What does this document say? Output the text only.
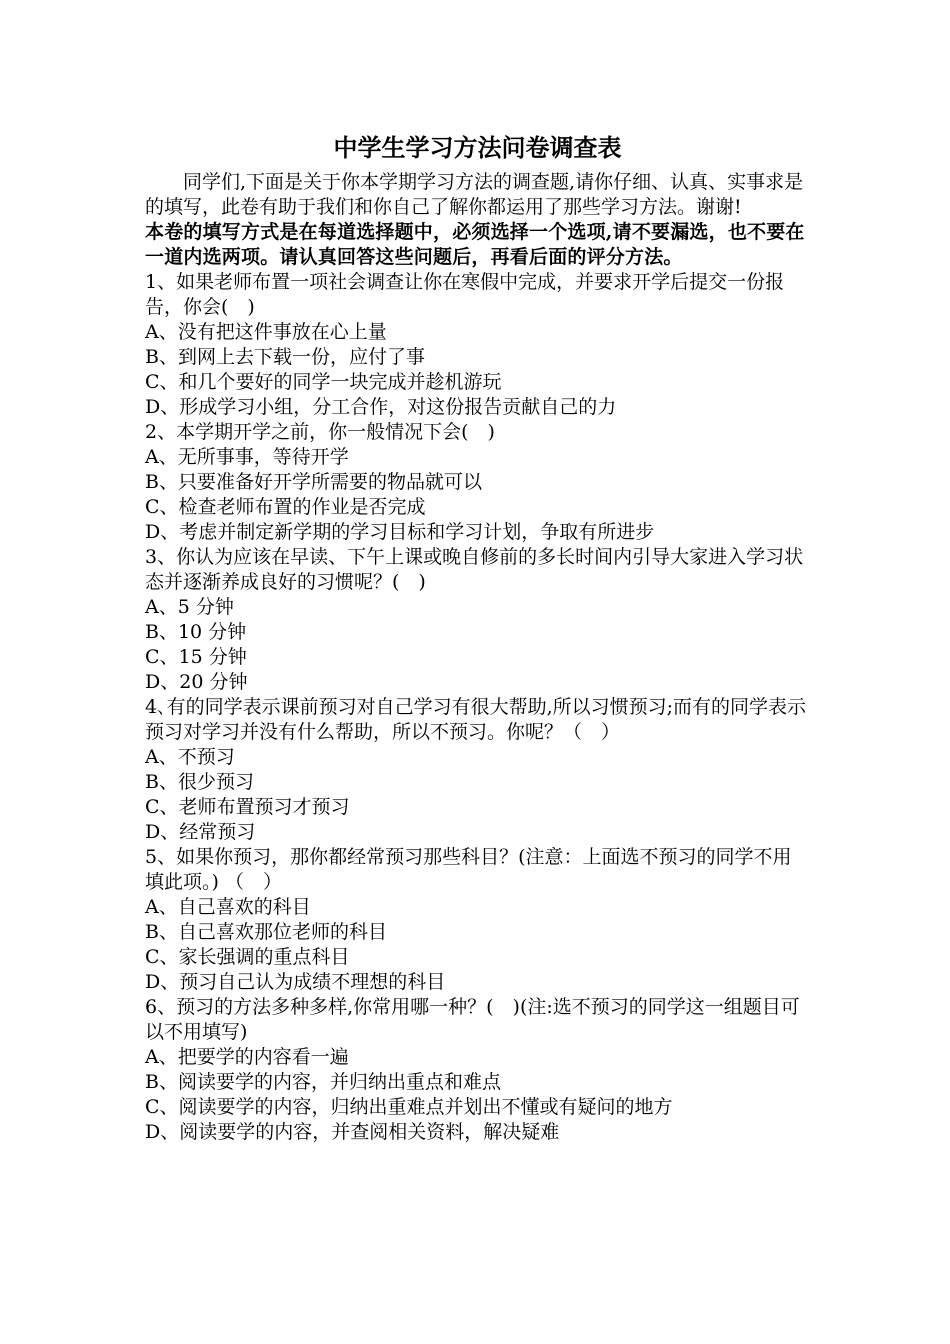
中学生学习方法问卷调查表

同学们,下面是关于你本学期学习方法的调查题,请你仔细、认真、实事求是的填写，此卷有助于我们和你自己了解你都运用了那些学习方法。谢谢!

本卷的填写方式是在每道选择题中，必须选择一个选项,请不要漏选，也不要在一道内选两项。请认真回答这些问题后，再看后面的评分方法。

1、如果老师布置一项社会调查让你在寒假中完成，并要求开学后提交一份报告，你会(　)

A、没有把这件事放在心上量

B、到网上去下载一份，应付了事

C、和几个要好的同学一块完成并趁机游玩

D、形成学习小组，分工合作，对这份报告贡献自己的力

2、本学期开学之前，你一般情况下会(　)

A、无所事事，等待开学

B、只要准备好开学所需要的物品就可以

C、检查老师布置的作业是否完成

D、考虑并制定新学期的学习目标和学习计划，争取有所进步

3、你认为应该在早读、下午上课或晚自修前的多长时间内引导大家进入学习状态并逐渐养成良好的习惯呢？(　)

A、5 分钟

B、10 分钟

C、15 分钟

D、20 分钟

4､有的同学表示课前预习对自己学习有很大帮助,所以习惯预习;而有的同学表示预习对学习并没有什么帮助，所以不预习。你呢？（　）

A、不预习

B、很少预习

C、老师布置预习才预习

D、经常预习

5、如果你预习，那你都经常预习那些科目？(注意：上面选不预习的同学不用填此项。) （　）

A、自己喜欢的科目

B、自己喜欢那位老师的科目

C、家长强调的重点科目

D、预习自己认为成绩不理想的科目

6、预习的方法多种多样,你常用哪一种？(　)(注:选不预习的同学这一组题目可以不用填写)

A、把要学的内容看一遍

B、阅读要学的内容，并归纳出重点和难点

C、阅读要学的内容，归纳出重难点并划出不懂或有疑问的地方

D、阅读要学的内容，并查阅相关资料，解决疑难
